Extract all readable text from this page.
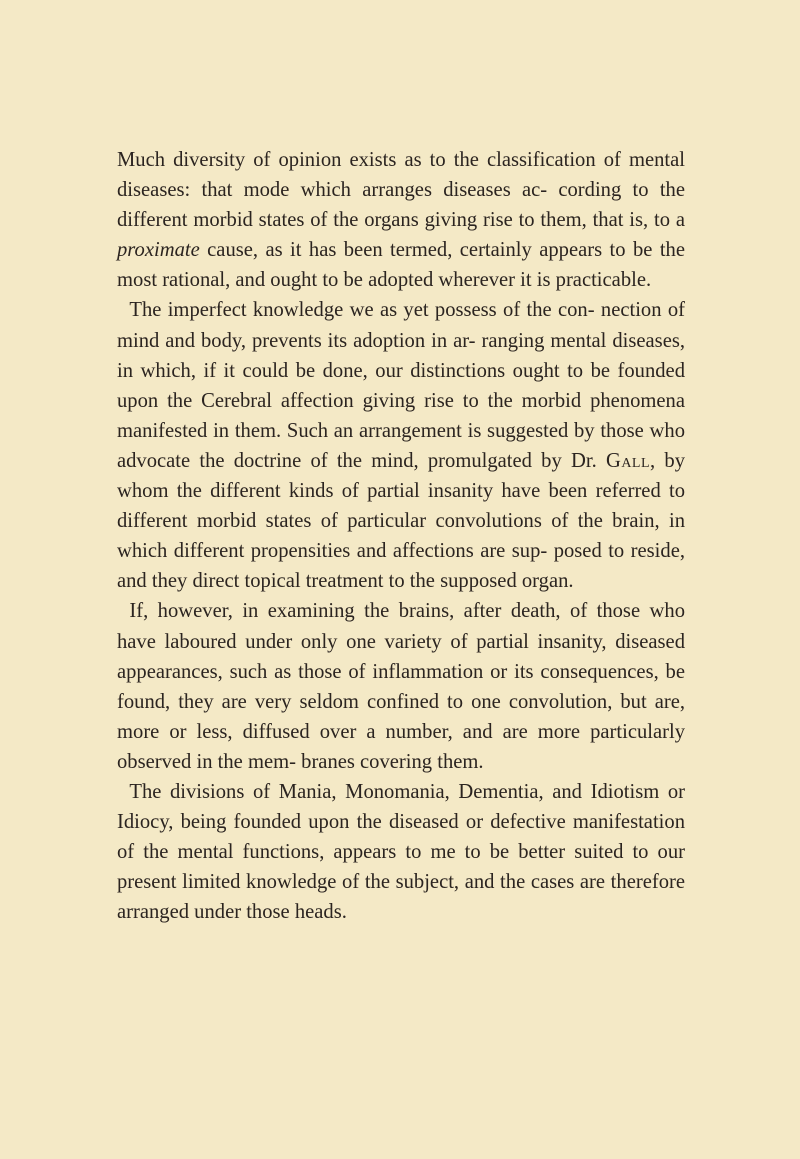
Much diversity of opinion exists as to the classification of mental diseases: that mode which arranges diseases ac- cording to the different morbid states of the organs giving rise to them, that is, to a proximate cause, as it has been termed, certainly appears to be the most rational, and ought to be adopted wherever it is practicable.

The imperfect knowledge we as yet possess of the con- nection of mind and body, prevents its adoption in ar- ranging mental diseases, in which, if it could be done, our distinctions ought to be founded upon the Cerebral affection giving rise to the morbid phenomena manifested in them. Such an arrangement is suggested by those who advocate the doctrine of the mind, promulgated by Dr. Gall, by whom the different kinds of partial insanity have been referred to different morbid states of particular convolutions of the brain, in which different propensities and affections are sup- posed to reside, and they direct topical treatment to the supposed organ.

If, however, in examining the brains, after death, of those who have laboured under only one variety of partial insanity, diseased appearances, such as those of inflammation or its consequences, be found, they are very seldom confined to one convolution, but are, more or less, diffused over a number, and are more particularly observed in the mem- branes covering them.

The divisions of Mania, Monomania, Dementia, and Idiotism or Idiocy, being founded upon the diseased or defective manifestation of the mental functions, appears to me to be better suited to our present limited knowledge of the subject, and the cases are therefore arranged under those heads.
